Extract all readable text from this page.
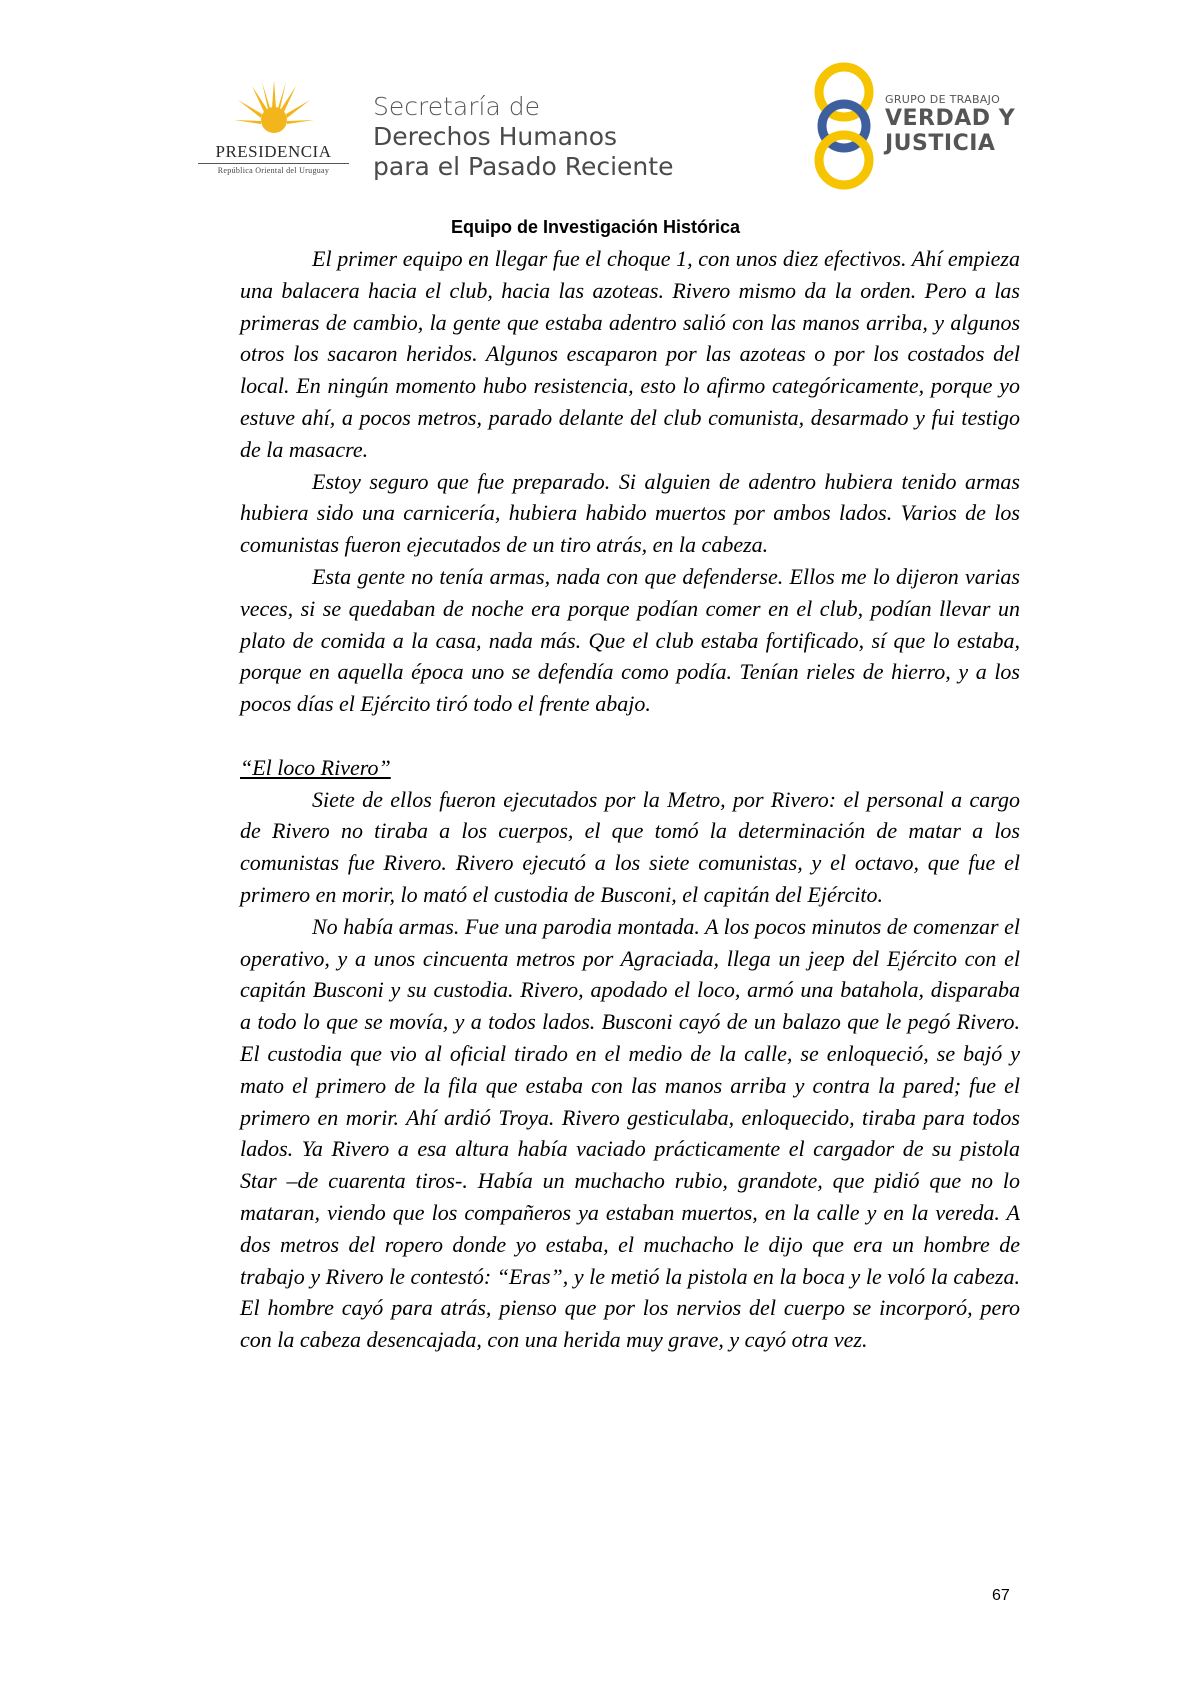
PRESIDENCIA
República Oriental del Uruguay
Secretaría de
Derechos Humanos
para el Pasado Reciente
GRUPO DE TRABAJO
VERDAD Y
JUSTICIA
Equipo de Investigación Histórica

El primer equipo en llegar fue el choque 1, con unos diez efectivos. Ahí empieza una balacera hacia el club, hacia las azoteas. Rivero mismo da la orden. Pero a las primeras de cambio, la gente que estaba adentro salió con las manos arriba, y algunos otros los sacaron heridos. Algunos escaparon por las azoteas o por los costados del local. En ningún momento hubo resistencia, esto lo afirmo categóricamente, porque yo estuve ahí, a pocos metros, parado delante del club comunista, desarmado y fui testigo de la masacre.

Estoy seguro que fue preparado. Si alguien de adentro hubiera tenido armas hubiera sido una carnicería, hubiera habido muertos por ambos lados. Varios de los comunistas fueron ejecutados de un tiro atrás, en la cabeza.

Esta gente no tenía armas, nada con que defenderse. Ellos me lo dijeron varias veces, si se quedaban de noche era porque podían comer en el club, podían llevar un plato de comida a la casa, nada más. Que el club estaba fortificado, sí que lo estaba, porque en aquella época uno se defendía como podía. Tenían rieles de hierro, y a los pocos días el Ejército tiró todo el frente abajo.

“El loco Rivero”

Siete de ellos fueron ejecutados por la Metro, por Rivero: el personal a cargo de Rivero no tiraba a los cuerpos, el que tomó la determinación de matar a los comunistas fue Rivero. Rivero ejecutó a los siete comunistas, y el octavo, que fue el primero en morir, lo mató el custodia de Busconi, el capitán del Ejército.

No había armas. Fue una parodia montada. A los pocos minutos de comenzar el operativo, y a unos cincuenta metros por Agraciada, llega un jeep del Ejército con el capitán Busconi y su custodia. Rivero, apodado el loco, armó una batahola, disparaba a todo lo que se movía, y a todos lados. Busconi cayó de un balazo que le pegó Rivero. El custodia que vio al oficial tirado en el medio de la calle, se enloqueció, se bajó y mato el primero de la fila que estaba con las manos arriba y contra la pared; fue el primero en morir. Ahí ardió Troya. Rivero gesticulaba, enloquecido, tiraba para todos lados. Ya Rivero a esa altura había vaciado prácticamente el cargador de su pistola Star –de cuarenta tiros-. Había un muchacho rubio, grandote, que pidió que no lo mataran, viendo que los compañeros ya estaban muertos, en la calle y en la vereda. A dos metros del ropero donde yo estaba, el muchacho le dijo que era un hombre de trabajo y Rivero le contestó: “Eras”, y le metió la pistola en la boca y le voló la cabeza. El hombre cayó para atrás, pienso que por los nervios del cuerpo se incorporó, pero con la cabeza desencajada, con una herida muy grave, y cayó otra vez.

67
